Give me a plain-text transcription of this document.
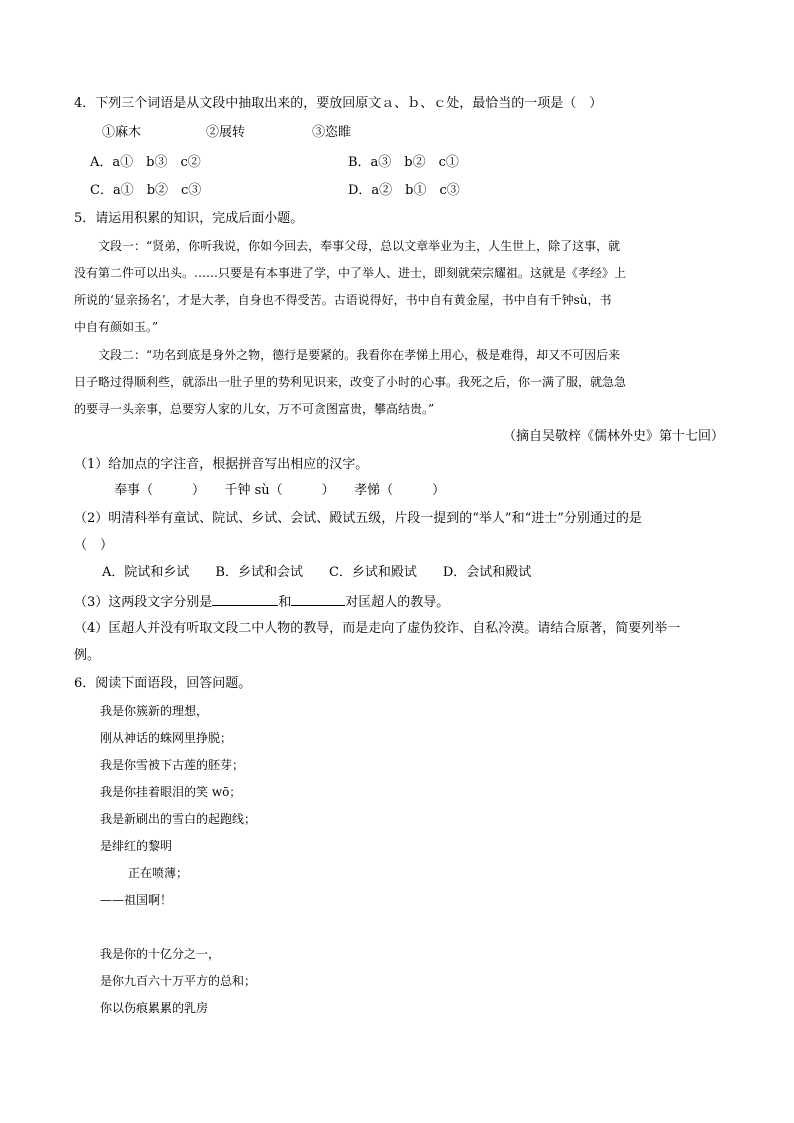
4．下列三个词语是从文段中抽取出来的，要放回原文ａ、ｂ、ｃ处，最恰当的一项是（　）
①麻木	②展转	③恣睢
A．a①　b③　c②	B．a③　b②　c①
C．a①　b②　c③	D．a②　b①　c③
5．请运用积累的知识，完成后面小题。
文段一：“贤弟，你听我说，你如今回去，奉事父母，总以文章举业为主，人生世上，除了这事，就
没有第二件可以出头。……只要是有本事进了学，中了举人、进士，即刻就荣宗耀祖。这就是《孝经》上
所说的‘显亲扬名’，才是大孝，自身也不得受苦。古语说得好，书中自有黄金屋，书中自有千钟sù，书
中自有颜如玉。”
文段二：“功名到底是身外之物，德行是要紧的。我看你在孝悌上用心，极是难得，却又不可因后来
日子略过得顺利些，就添出一肚子里的势利见识来，改变了小时的心事。我死之后，你一满了服，就急急
的要寻一头亲事，总要穷人家的儿女，万不可贪图富贵，攀高结贵。”
（摘自吴敬梓《儒林外史》第十七回）
（1）给加点的字注音，根据拼音写出相应的汉字。
奉事（　　　）　　千钟 sù（　　　）　　孝悌（　　　）
（2）明清科举有童试、院试、乡试、会试、殿试五级，片段一提到的“举人”和“进士”分别通过的是
（　）
A．院试和乡试　　B．乡试和会试　　C．乡试和殿试　　D．会试和殿试
（3）这两段文字分别是	和	对匡超人的教导。
（4）匡超人并没有听取文段二中人物的教导，而是走向了虚伪狡诈、自私冷漠。请结合原著，简要列举一
例。
6．阅读下面语段，回答问题。
我是你簇新的理想，
刚从神话的蛛网里挣脱；
我是你雪被下古莲的胚芽；
我是你挂着眼泪的笑 wō；
我是新刷出的雪白的起跑线；
是绯红的黎明
正在喷薄；
——祖国啊！
我是你的十亿分之一，
是你九百六十万平方的总和；
你以伤痕累累的乳房
